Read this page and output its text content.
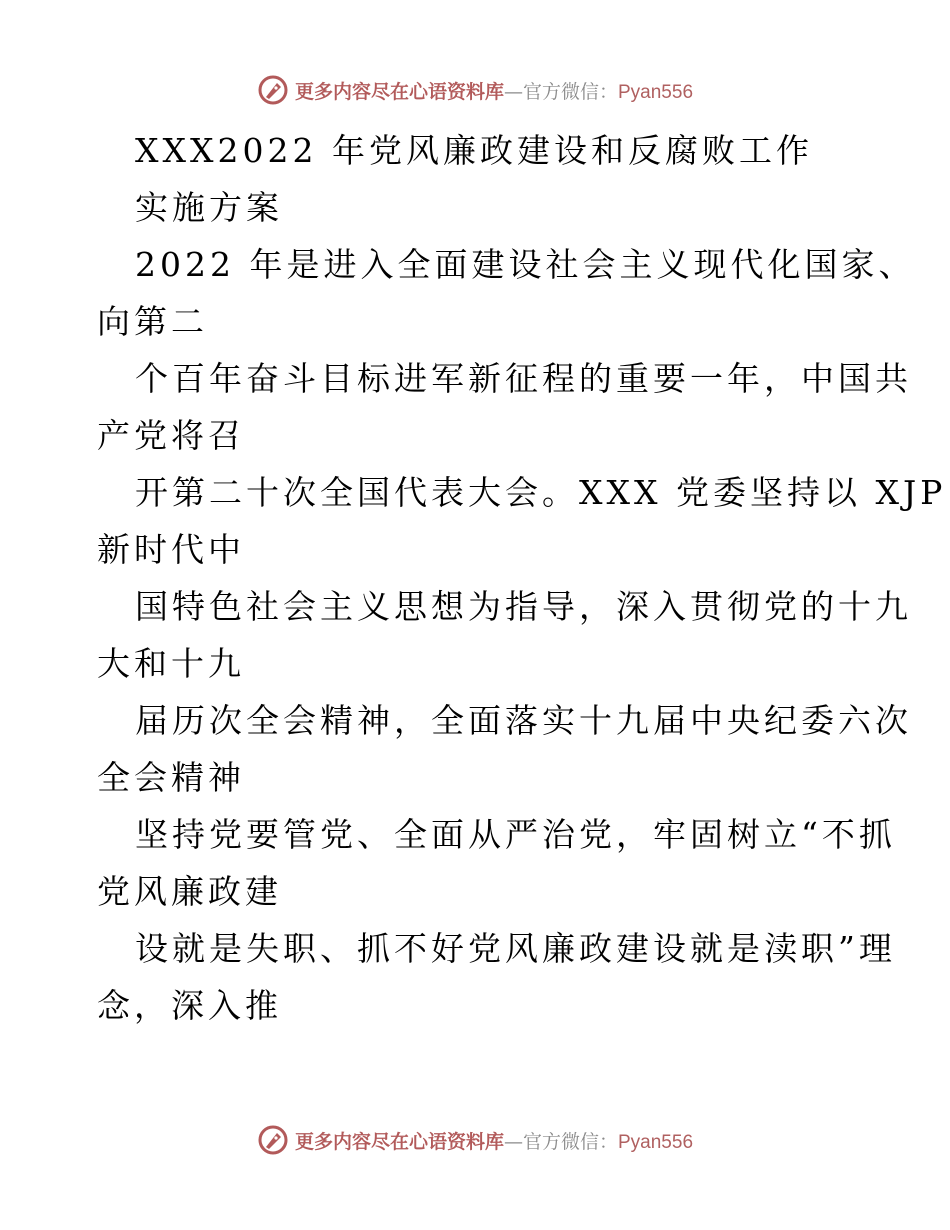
更多内容尽在心语资料库 — 官方微信： Pyan556
XXX2022 年党风廉政建设和反腐败工作
实施方案
2022 年是进入全面建设社会主义现代化国家、
向第二
个百年奋斗目标进军新征程的重要一年，中国共
产党将召
开第二十次全国代表大会。XXX 党委坚持以 XJP
新时代中
国特色社会主义思想为指导，深入贯彻党的十九
大和十九
届历次全会精神，全面落实十九届中央纪委六次
全会精神
坚持党要管党、全面从严治党，牢固树立“不抓
党风廉政建
设就是失职、抓不好党风廉政建设就是渎职”理
念，深入推
更多内容尽在心语资料库 — 官方微信： Pyan556
